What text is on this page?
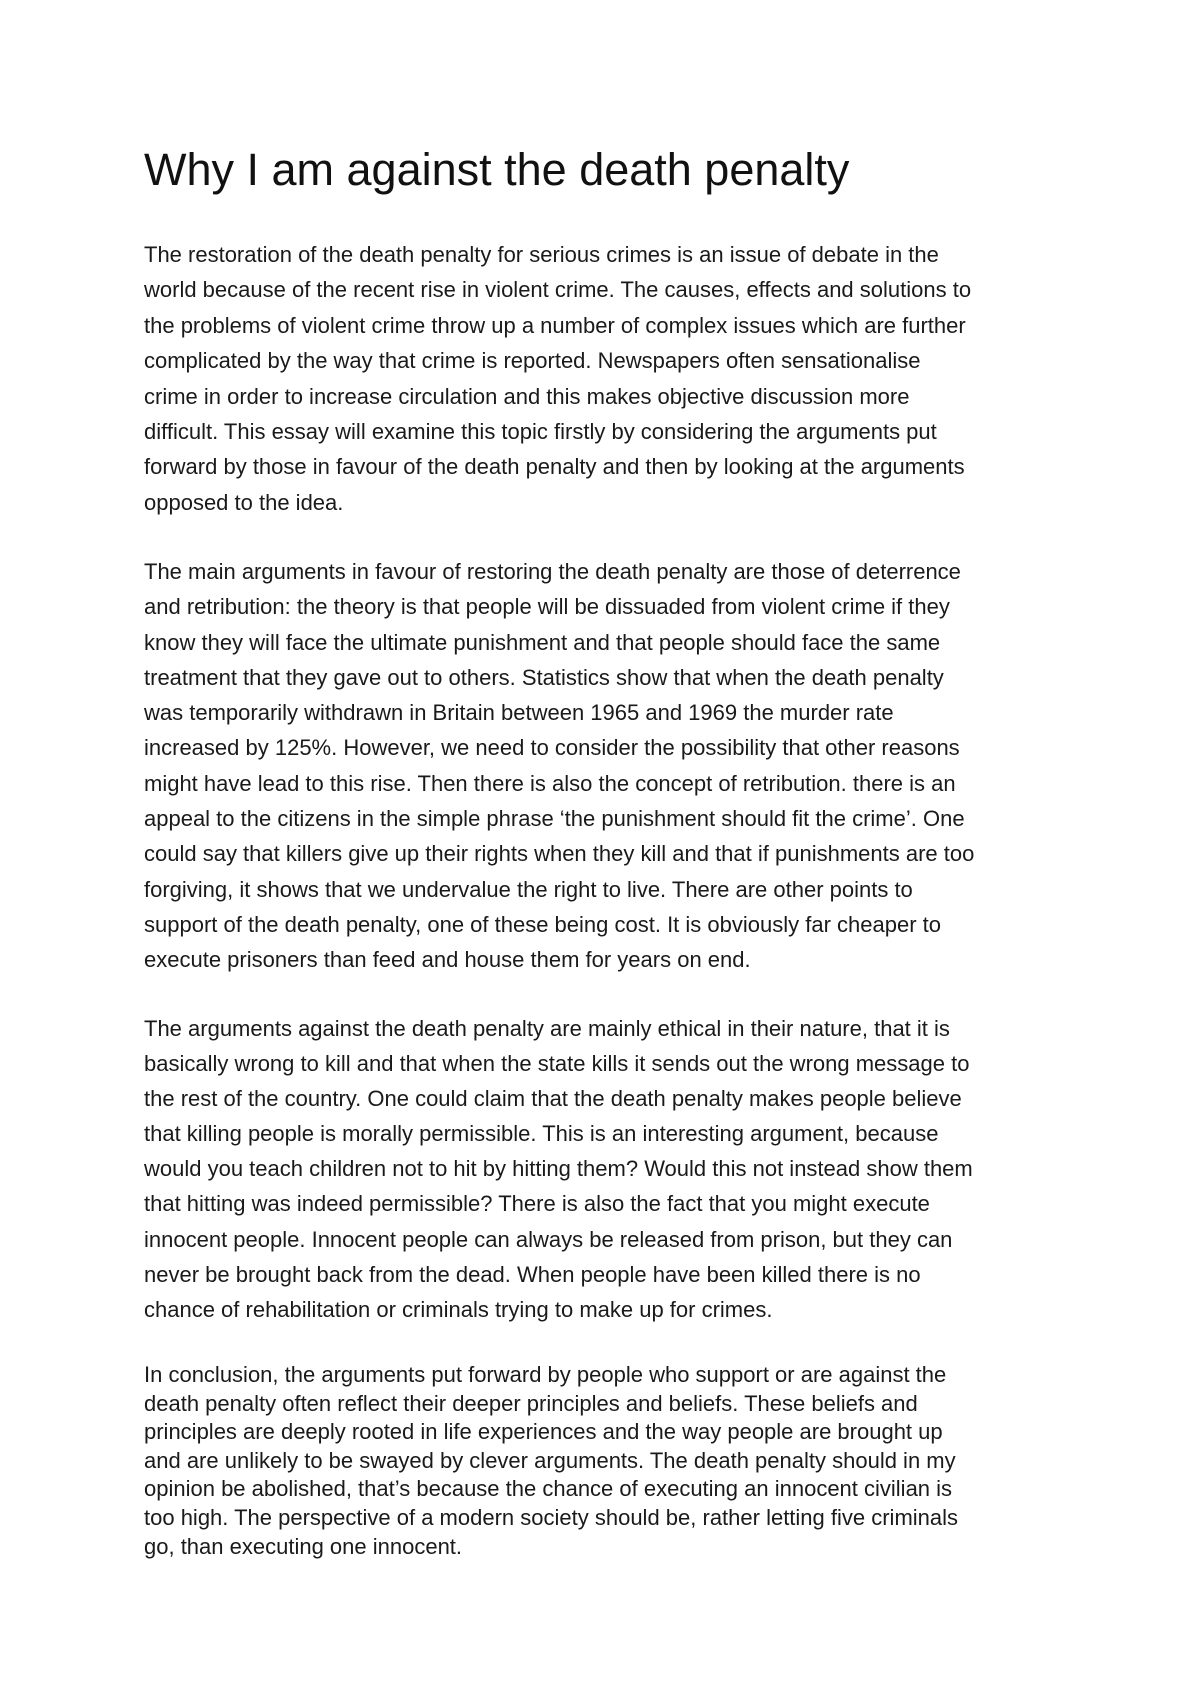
Why I am against the death penalty
The restoration of the death penalty for serious crimes is an issue of debate in the
world because of the recent rise in violent crime. The causes, effects and solutions to
the problems of violent crime throw up a number of complex issues which are further
complicated by the way that crime is reported. Newspapers often sensationalise
crime in order to increase circulation and this makes objective discussion more
difficult. This essay will examine this topic firstly by considering the arguments put
forward by those in favour of the death penalty and then by looking at the arguments
opposed to the idea.
The main arguments in favour of restoring the death penalty are those of deterrence
and retribution: the theory is that people will be dissuaded from violent crime if they
know they will face the ultimate punishment and that people should face the same
treatment that they gave out to others. Statistics show that when the death penalty
was temporarily withdrawn in Britain between 1965 and 1969 the murder rate
increased by 125%. However, we need to consider the possibility that other reasons
might have lead to this rise. Then there is also the concept of retribution. there is an
appeal to the citizens in the simple phrase ‘the punishment should fit the crime’. One
could say that killers give up their rights when they kill and that if punishments are too
forgiving, it shows that we undervalue the right to live. There are other points to
support of the death penalty, one of these being cost. It is obviously far cheaper to
execute prisoners than feed and house them for years on end.
The arguments against the death penalty are mainly ethical in their nature, that it is
basically wrong to kill and that when the state kills it sends out the wrong message to
the rest of the country. One could claim that the death penalty makes people believe
that killing people is morally permissible. This is an interesting argument, because
would you teach children not to hit by hitting them? Would this not instead show them
that hitting was indeed permissible? There is also the fact that you might execute
innocent people. Innocent people can always be released from prison, but they can
never be brought back from the dead. When people have been killed there is no
chance of rehabilitation or criminals trying to make up for crimes.
In conclusion, the arguments put forward by people who support or are against the
death penalty often reflect their deeper principles and beliefs. These beliefs and
principles are deeply rooted in life experiences and the way people are brought up
and are unlikely to be swayed by clever arguments. The death penalty should in my
opinion be abolished, that’s because the chance of executing an innocent civilian is
too high. The perspective of a modern society should be, rather letting five criminals
go, than executing one innocent.
